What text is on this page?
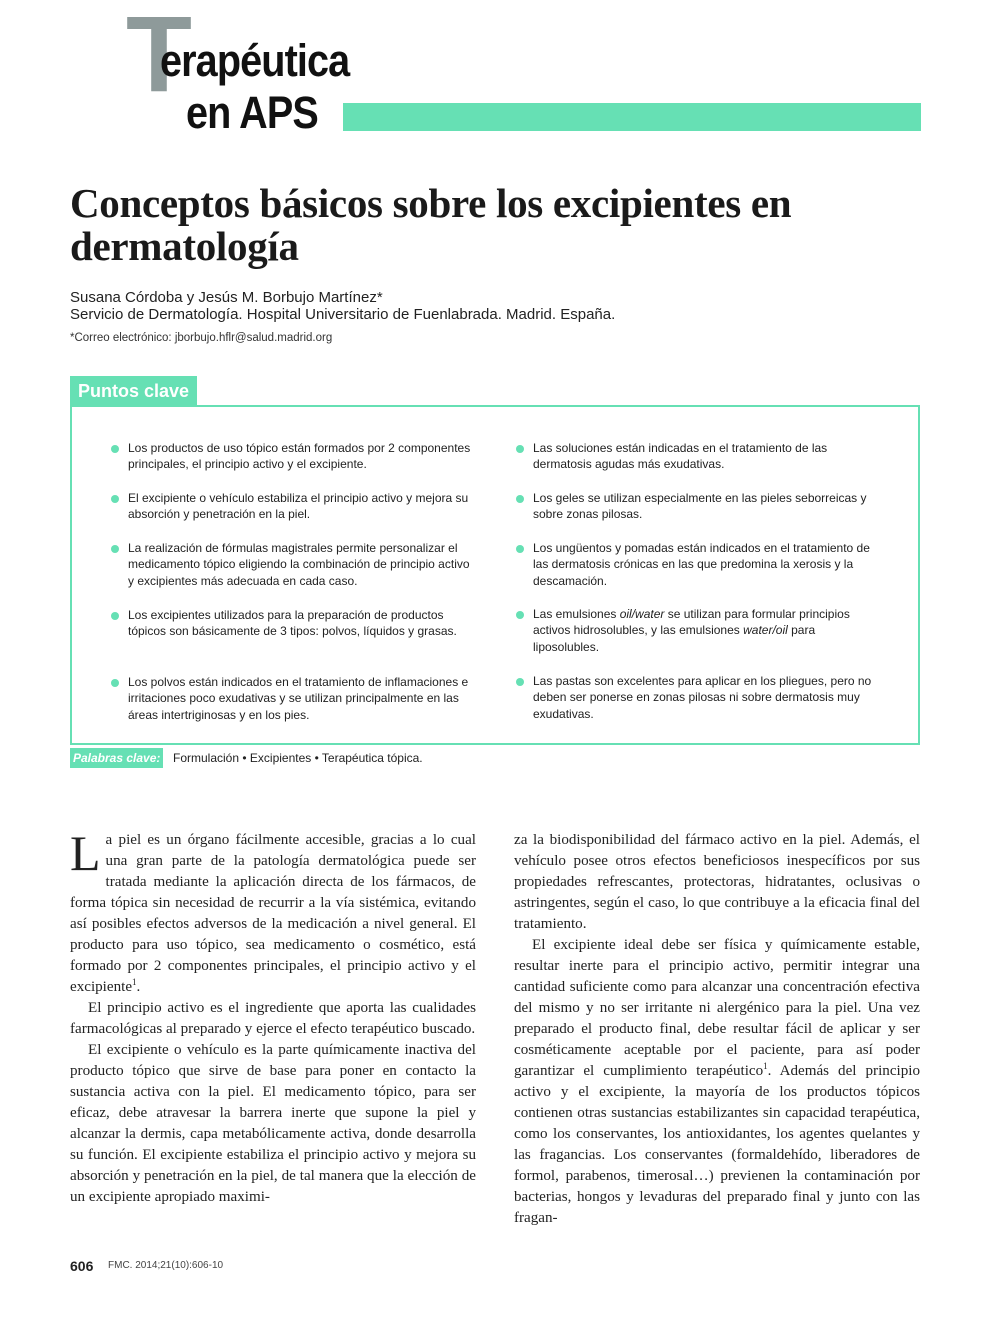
T
erapéutica
en APS
Conceptos básicos sobre los excipientes en dermatología
Susana Córdoba y Jesús M. Borbujo Martínez*
Servicio de Dermatología. Hospital Universitario de Fuenlabrada. Madrid. España.
*Correo electrónico: jborbujo.hflr@salud.madrid.org
Puntos clave
Los productos de uso tópico están formados por 2 componentes principales, el principio activo y el excipiente.
El excipiente o vehículo estabiliza el principio activo y mejora su absorción y penetración en la piel.
La realización de fórmulas magistrales permite personalizar el medicamento tópico eligiendo la combinación de principio activo y excipientes más adecuada en cada caso.
Los excipientes utilizados para la preparación de productos tópicos son básicamente de 3 tipos: polvos, líquidos y grasas.
Los polvos están indicados en el tratamiento de inflamaciones e irritaciones poco exudativas y se utilizan principalmente en las áreas intertriginosas y en los pies.
Las soluciones están indicadas en el tratamiento de las dermatosis agudas más exudativas.
Los geles se utilizan especialmente en las pieles seborreicas y sobre zonas pilosas.
Los ungüentos y pomadas están indicados en el tratamiento de las dermatosis crónicas en las que predomina la xerosis y la descamación.
Las emulsiones oil/water se utilizan para formular principios activos hidrosolubles, y las emulsiones water/oil para liposolubles.
Las pastas son excelentes para aplicar en los pliegues, pero no deben ser ponerse en zonas pilosas ni sobre dermatosis muy exudativas.
Palabras clave: Formulación • Excipientes • Terapéutica tópica.

La piel es un órgano fácilmente accesible, gracias a lo cual una gran parte de la patología dermatológica puede ser tratada mediante la aplicación directa de los fármacos, de forma tópica sin necesidad de recurrir a la vía sistémica, evitando así posibles efectos adversos de la medicación a nivel general. El producto para uso tópico, sea medicamento o cosmético, está formado por 2 componentes principales, el principio activo y el excipiente$^1$.

El principio activo es el ingrediente que aporta las cualidades farmacológicas al preparado y ejerce el efecto terapéutico buscado.

El excipiente o vehículo es la parte químicamente inactiva del producto tópico que sirve de base para poner en contacto la sustancia activa con la piel. El medicamento tópico, para ser eficaz, debe atravesar la barrera inerte que supone la piel y alcanzar la dermis, capa metabólicamente activa, donde desarrolla su función. El excipiente estabiliza el principio activo y mejora su absorción y penetración en la piel, de tal manera que la elección de un excipiente apropiado maximi-

za la biodisponibilidad del fármaco activo en la piel. Además, el vehículo posee otros efectos beneficiosos inespecíficos por sus propiedades refrescantes, protectoras, hidratantes, oclusivas o astringentes, según el caso, lo que contribuye a la eficacia final del tratamiento.

El excipiente ideal debe ser física y químicamente estable, resultar inerte para el principio activo, permitir integrar una cantidad suficiente como para alcanzar una concentración efectiva del mismo y no ser irritante ni alergénico para la piel. Una vez preparado el producto final, debe resultar fácil de aplicar y ser cosméticamente aceptable por el paciente, para así poder garantizar el cumplimiento terapéutico$^1$. Además del principio activo y el excipiente, la mayoría de los productos tópicos contienen otras sustancias estabilizantes sin capacidad terapéutica, como los conservantes, los antioxidantes, los agentes quelantes y las fragancias. Los conservantes (formaldehído, liberadores de formol, parabenos, timerosal…) previenen la contaminación por bacterias, hongos y levaduras del preparado final y junto con las fragan-

606 FMC. 2014;21(10):606-10
